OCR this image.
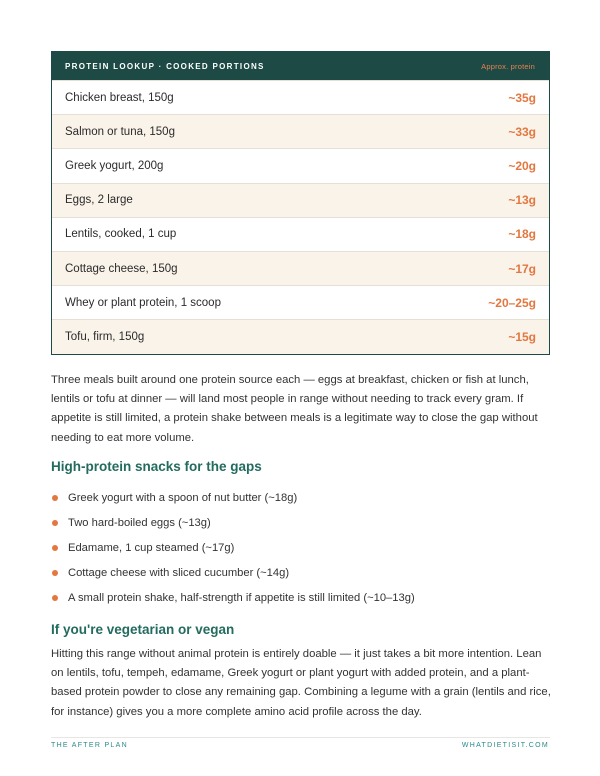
PROTEIN LOOKUP · COOKED PORTIONS	Approx. protein
Chicken breast, 150g	~35g
Salmon or tuna, 150g	~33g
Greek yogurt, 200g	~20g
Eggs, 2 large	~13g
Lentils, cooked, 1 cup	~18g
Cottage cheese, 150g	~17g
Whey or plant protein, 1 scoop	~20–25g
Tofu, firm, 150g	~15g

Three meals built around one protein source each — eggs at breakfast, chicken or fish at lunch, lentils or tofu at dinner — will land most people in range without needing to track every gram. If appetite is still limited, a protein shake between meals is a legitimate way to close the gap without needing to eat more volume.

High-protein snacks for the gaps
Greek yogurt with a spoon of nut butter (~18g)
Two hard-boiled eggs (~13g)
Edamame, 1 cup steamed (~17g)
Cottage cheese with sliced cucumber (~14g)
A small protein shake, half-strength if appetite is still limited (~10–13g)
If you're vegetarian or vegan

Hitting this range without animal protein is entirely doable — it just takes a bit more intention. Lean on lentils, tofu, tempeh, edamame, Greek yogurt or plant yogurt with added protein, and a plant-based protein powder to close any remaining gap. Combining a legume with a grain (lentils and rice, for instance) gives you a more complete amino acid profile across the day.

THE AFTER PLAN	WHATDIETISIT.COM
